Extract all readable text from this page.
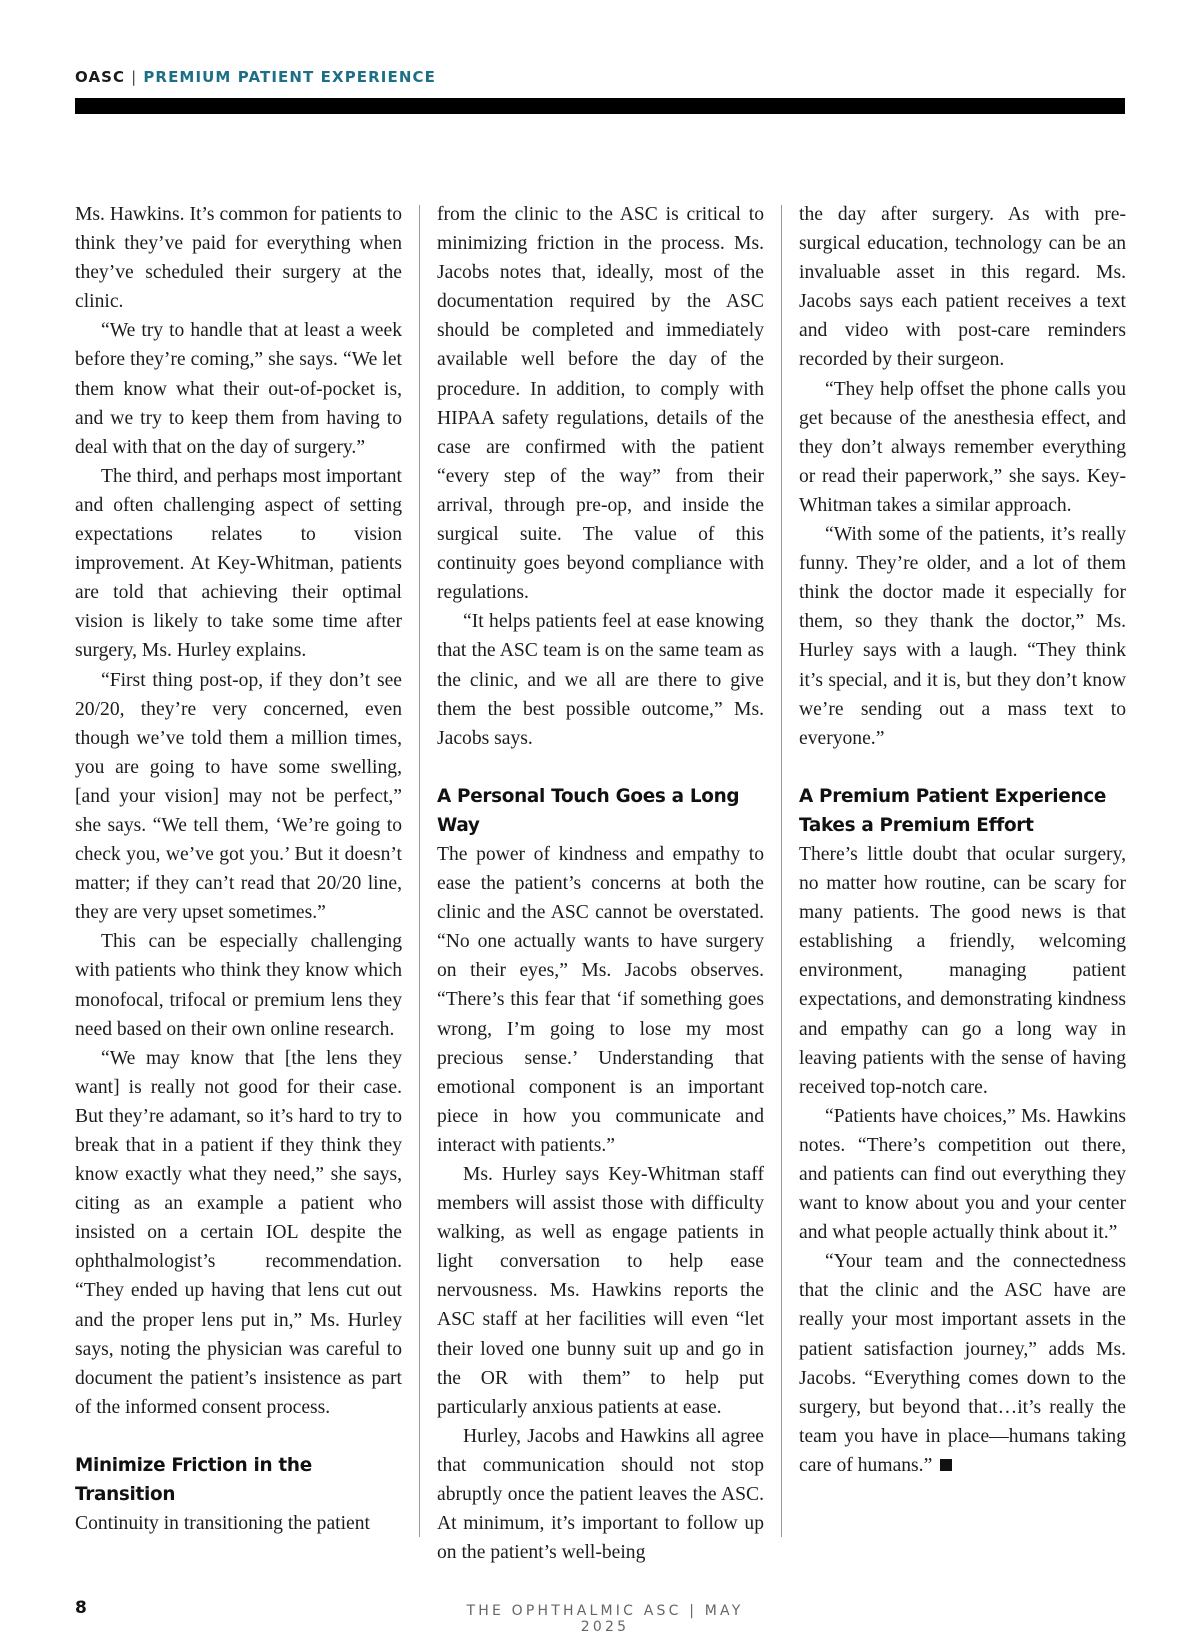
OASC | PREMIUM PATIENT EXPERIENCE

Ms. Hawkins. It’s common for patients to think they’ve paid for everything when they’ve scheduled their surgery at the clinic.

“We try to handle that at least a week before they’re coming,” she says. “We let them know what their out-of-pocket is, and we try to keep them from having to deal with that on the day of surgery.”

The third, and perhaps most important and often challenging aspect of setting expectations relates to vision improvement. At Key-Whitman, patients are told that achieving their optimal vision is likely to take some time after surgery, Ms. Hurley explains.

“First thing post-op, if they don’t see 20/20, they’re very concerned, even though we’ve told them a million times, you are going to have some swelling, [and your vision] may not be perfect,” she says. “We tell them, ‘We’re going to check you, we’ve got you.’ But it doesn’t matter; if they can’t read that 20/20 line, they are very upset sometimes.”

This can be especially challenging with patients who think they know which monofocal, trifocal or premium lens they need based on their own online research.

“We may know that [the lens they want] is really not good for their case. But they’re adamant, so it’s hard to try to break that in a patient if they think they know exactly what they need,” she says, citing as an example a patient who insisted on a certain IOL despite the ophthalmologist’s recommendation. “They ended up having that lens cut out and the proper lens put in,” Ms. Hurley says, noting the physician was careful to document the patient’s insistence as part of the informed consent process.

Minimize Friction in the Transition

Continuity in transitioning the patient

from the clinic to the ASC is critical to minimizing friction in the process. Ms. Jacobs notes that, ideally, most of the documentation required by the ASC should be completed and immediately available well before the day of the procedure. In addition, to comply with HIPAA safety regulations, details of the case are confirmed with the patient “every step of the way” from their arrival, through pre-op, and inside the surgical suite. The value of this continuity goes beyond compliance with regulations.

“It helps patients feel at ease knowing that the ASC team is on the same team as the clinic, and we all are there to give them the best possible outcome,” Ms. Jacobs says.

A Personal Touch Goes a Long Way

The power of kindness and empathy to ease the patient’s concerns at both the clinic and the ASC cannot be overstated. “No one actually wants to have surgery on their eyes,” Ms. Jacobs observes. “There’s this fear that ‘if something goes wrong, I’m going to lose my most precious sense.’ Understanding that emotional component is an important piece in how you communicate and interact with patients.”

Ms. Hurley says Key-Whitman staff members will assist those with difficulty walking, as well as engage patients in light conversation to help ease nervousness. Ms. Hawkins reports the ASC staff at her facilities will even “let their loved one bunny suit up and go in the OR with them” to help put particularly anxious patients at ease.

Hurley, Jacobs and Hawkins all agree that communication should not stop abruptly once the patient leaves the ASC. At minimum, it’s important to follow up on the patient’s well-being

the day after surgery. As with pre-surgical education, technology can be an invaluable asset in this regard. Ms. Jacobs says each patient receives a text and video with post-care reminders recorded by their surgeon.

“They help offset the phone calls you get because of the anesthesia effect, and they don’t always remember everything or read their paperwork,” she says. Key-Whitman takes a similar approach.

“With some of the patients, it’s really funny. They’re older, and a lot of them think the doctor made it especially for them, so they thank the doctor,” Ms. Hurley says with a laugh. “They think it’s special, and it is, but they don’t know we’re sending out a mass text to everyone.”

A Premium Patient Experience Takes a Premium Effort

There’s little doubt that ocular surgery, no matter how routine, can be scary for many patients. The good news is that establishing a friendly, welcoming environment, managing patient expectations, and demonstrating kindness and empathy can go a long way in leaving patients with the sense of having received top-notch care.

“Patients have choices,” Ms. Hawkins notes. “There’s competition out there, and patients can find out everything they want to know about you and your center and what people actually think about it.”

“Your team and the connectedness that the clinic and the ASC have are really your most important assets in the patient satisfaction journey,” adds Ms. Jacobs. “Everything comes down to the surgery, but beyond that…it’s really the team you have in place—humans taking care of humans.”

8	THE OPHTHALMIC ASC | MAY 2025
